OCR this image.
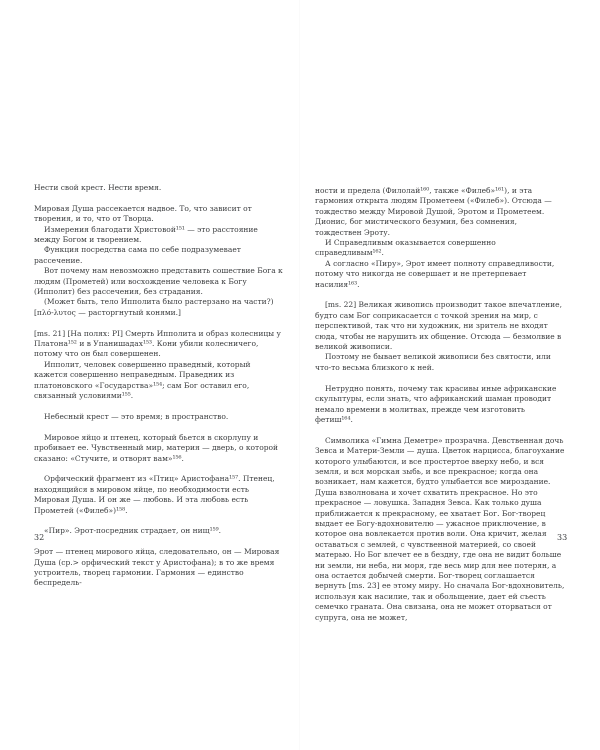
Нести свой крест. Нести время.

Мировая Душа рассекается надвое. То, что зависит от творения, и то, что от Творца.

Измерения благодати Христовой¹⁵¹ — это расстояние между Богом и творением.

Функция посредства сама по себе подразумевает рассечение.

Вот почему нам невозможно представить сошествие Бога к людям (Прометей) или восхождение человека к Богу (Ипполит) без рассечения, без страдания.

(Может быть, тело Ипполита было растерзано на части?) [πλό-λυτος — расторгнутый конями.]

[ms. 21] [На полях: PI] Смерть Ипполита и образ колесницы у Платона¹⁵² и в Упанишадах¹⁵³. Кони убили колесничего, потому что он был совершенен.

Ипполит, человек совершенно праведный, который кажется совершенно неправедным. Праведник из платоновского «Государства»¹⁵⁴; сам Бог оставил его, связанный условиями¹⁵⁵.

Небесный крест — это время; в пространство.

Мировое яйцо и птенец, который бьется в скорлупу и пробивает ее. Чувственный мир, материя — дверь, о которой сказано: «Стучите, и отворят вам»¹⁵⁶.

Орфический фрагмент из «Птиц» Аристофана¹⁵⁷. Птенец, находящийся в мировом яйце, по необходимости есть Мировая Душа. И он же — любовь. И эта любовь есть Прометей («Филеб»)¹⁵⁸.

«Пир». Эрот-посредник страдает, он нищ¹⁵⁹.

Эрот — птенец мирового яйца, следовательно, он — Мировая Душа (ср.> орфический текст у Аристофана); в то же время устроитель, творец гармонии. Гармония — единство беспредель-

32

ности и предела (Филолай¹⁶⁰, также «Филеб»¹⁶¹), и эта гармония открыта людям Прометеем («Филеб»). Отсюда — тождество между Мировой Душой, Эротом и Прометеем. Дионис, бог мистического безумия, без сомнения, тождествен Эроту.

И Справедливым оказывается совершенно справедливым¹⁶².

А согласно «Пиру», Эрот имеет полноту справедливости, потому что никогда не совершает и не претерпевает насилия¹⁶³.

[ms. 22] Великая живопись производит такое впечатление, будто сам Бог соприкасается с точкой зрения на мир, с перспективой, так что ни художник, ни зритель не входят сюда, чтобы не нарушить их общение. Отсюда — безмолвие в великой живописи.

Поэтому не бывает великой живописи без святости, или что-то весьма близкого к ней.

Нетрудно понять, почему так красивы иные африканские скульптуры, если знать, что африканский шаман проводит немало времени в молитвах, прежде чем изготовить фетиш¹⁶⁴.

Символика «Гимна Деметре» прозрачна. Девственная дочь Зевса и Матери-Земли — душа. Цветок нарцисса, благоухание которого улыбаются, и все простертое вверху небо, и вся земля, и вся морская зыбь, и все прекрасное; когда она возникает, нам кажется, будто улыбается все мироздание. Душа взволнована и хочет схватить прекрасное. Но это прекрасное — ловушка. Западня Зевса. Как только душа приближается к прекрасному, ее хватает Бог. Бог-творец выдает ее Богу-вдохновителю — ужасное приключение, в которое она вовлекается против воли. Она кричит, желая оставаться с землей, с чувственной материей, со своей матерью. Но Бог влечет ее в бездну, где она не видит больше ни земли, ни неба, ни моря, где весь мир для нее потерян, а она остается добычей смерти. Бог-творец соглашается вернуть [ms. 23] ее этому миру. Но сначала Бог-вдохновитель, используя как насилие, так и обольщение, дает ей съесть семечко граната. Она связана, она не может оторваться от супруга, она не может,

33
